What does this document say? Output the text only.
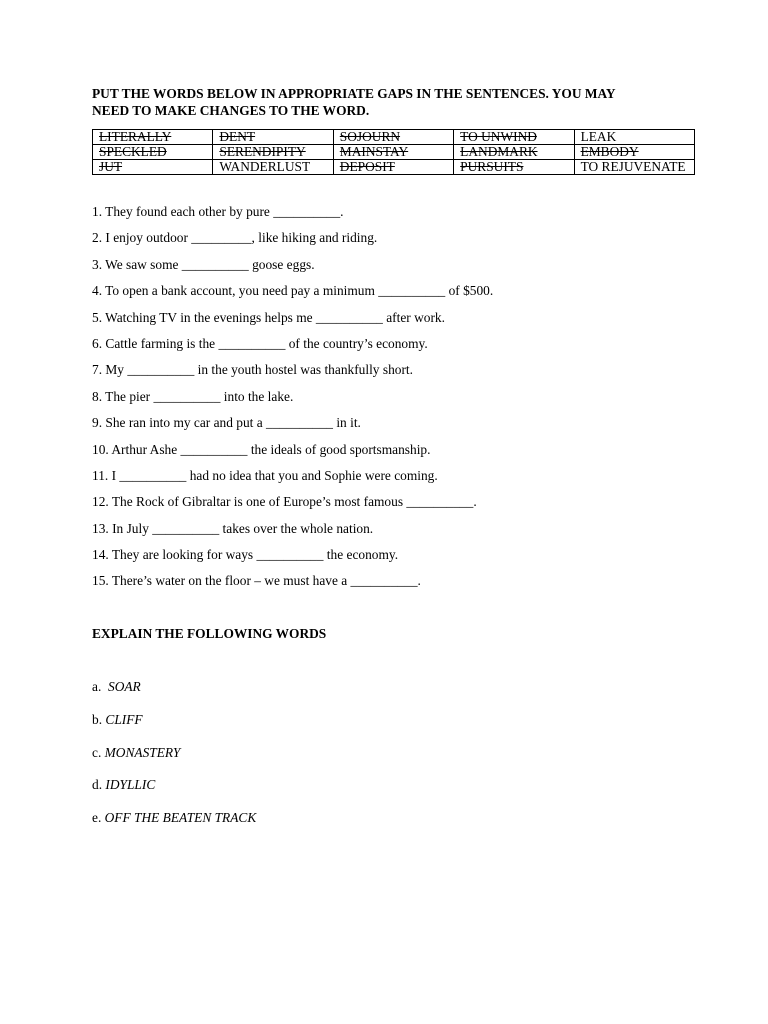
PUT THE WORDS BELOW IN APPROPRIATE GAPS IN THE SENTENCES. YOU MAY
NEED TO MAKE CHANGES TO THE WORD.
LITERALLY	DENT	SOJOURN	TO UNWIND	LEAK
SPECKLED	SERENDIPITY	MAINSTAY	LANDMARK	EMBODY
JUT	WANDERLUST	DEPOSIT	PURSUITS	TO REJUVENATE
1. They found each other by pure __________.
2. I enjoy outdoor _________, like hiking and riding.
3. We saw some __________ goose eggs.
4. To open a bank account, you need pay a minimum __________ of $500.
5. Watching TV in the evenings helps me __________ after work.
6. Cattle farming is the __________ of the country’s economy.
7. My __________ in the youth hostel was thankfully short.
8. The pier __________ into the lake.
9. She ran into my car and put a __________ in it.
10. Arthur Ashe __________ the ideals of good sportsmanship.
11. I __________ had no idea that you and Sophie were coming.
12. The Rock of Gibraltar is one of Europe’s most famous __________.
13. In July __________ takes over the whole nation.
14. They are looking for ways __________ the economy.
15. There’s water on the floor – we must have a __________.
EXPLAIN THE FOLLOWING WORDS
a.  SOAR
b. CLIFF
c. MONASTERY
d. IDYLLIC
e. OFF THE BEATEN TRACK
